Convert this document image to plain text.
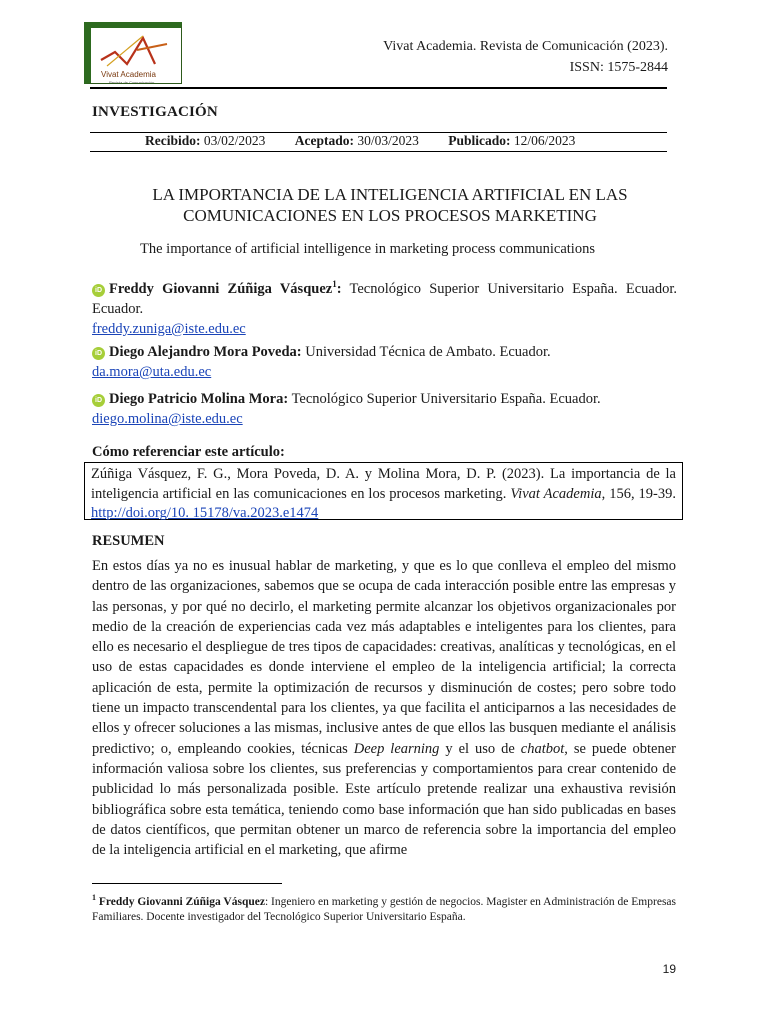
Vivat Academia
Revista de Comunicación
Vivat Academia. Revista de Comunicación (2023).
ISSN: 1575-2844
INVESTIGACIÓN
Recibido: 03/02/2023 Aceptado: 30/03/2023 Publicado: 12/06/2023
LA IMPORTANCIA DE LA INTELIGENCIA ARTIFICIAL EN LAS COMUNICACIONES EN LOS PROCESOS MARKETING
The importance of artificial intelligence in marketing process communications
iD Freddy Giovanni Zúñiga Vásquez$^1$: Tecnológico Superior Universitario España. Ecuador. Ecuador.
freddy.zuniga@iste.edu.ec
iD Diego Alejandro Mora Poveda: Universidad Técnica de Ambato. Ecuador.
da.mora@uta.edu.ec
iD Diego Patricio Molina Mora: Tecnológico Superior Universitario España. Ecuador.
diego.molina@iste.edu.ec
Cómo referenciar este artículo:
Zúñiga Vásquez, F. G., Mora Poveda, D. A. y Molina Mora, D. P. (2023). La importancia de la inteligencia artificial en las comunicaciones en los procesos marketing. Vivat Academia, 156, 19-39. http://doi.org/10. 15178/va.2023.e1474
RESUMEN
En estos días ya no es inusual hablar de marketing, y que es lo que conlleva el empleo del mismo dentro de las organizaciones, sabemos que se ocupa de cada interacción posible entre las empresas y las personas, y por qué no decirlo, el marketing permite alcanzar los objetivos organizacionales por medio de la creación de experiencias cada vez más adaptables e inteligentes para los clientes, para ello es necesario el despliegue de tres tipos de capacidades: creativas, analíticas y tecnológicas, en el uso de estas capacidades es donde interviene el empleo de la inteligencia artificial; la correcta aplicación de esta, permite la optimización de recursos y disminución de costes; pero sobre todo tiene un impacto transcendental para los clientes, ya que facilita el anticiparnos a las necesidades de ellos y ofrecer soluciones a las mismas, inclusive antes de que ellos las busquen mediante el análisis predictivo; o, empleando cookies, técnicas Deep learning y el uso de chatbot, se puede obtener información valiosa sobre los clientes, sus preferencias y comportamientos para crear contenido de publicidad lo más personalizada posible. Este artículo pretende realizar una exhaustiva revisión bibliográfica sobre esta temática, teniendo como base información que han sido publicadas en bases de datos científicos, que permitan obtener un marco de referencia sobre la importancia del empleo de la inteligencia artificial en el marketing, que afirme
$^1$ Freddy Giovanni Zúñiga Vásquez: Ingeniero en marketing y gestión de negocios. Magister en Administración de Empresas Familiares. Docente investigador del Tecnológico Superior Universitario España.
19
